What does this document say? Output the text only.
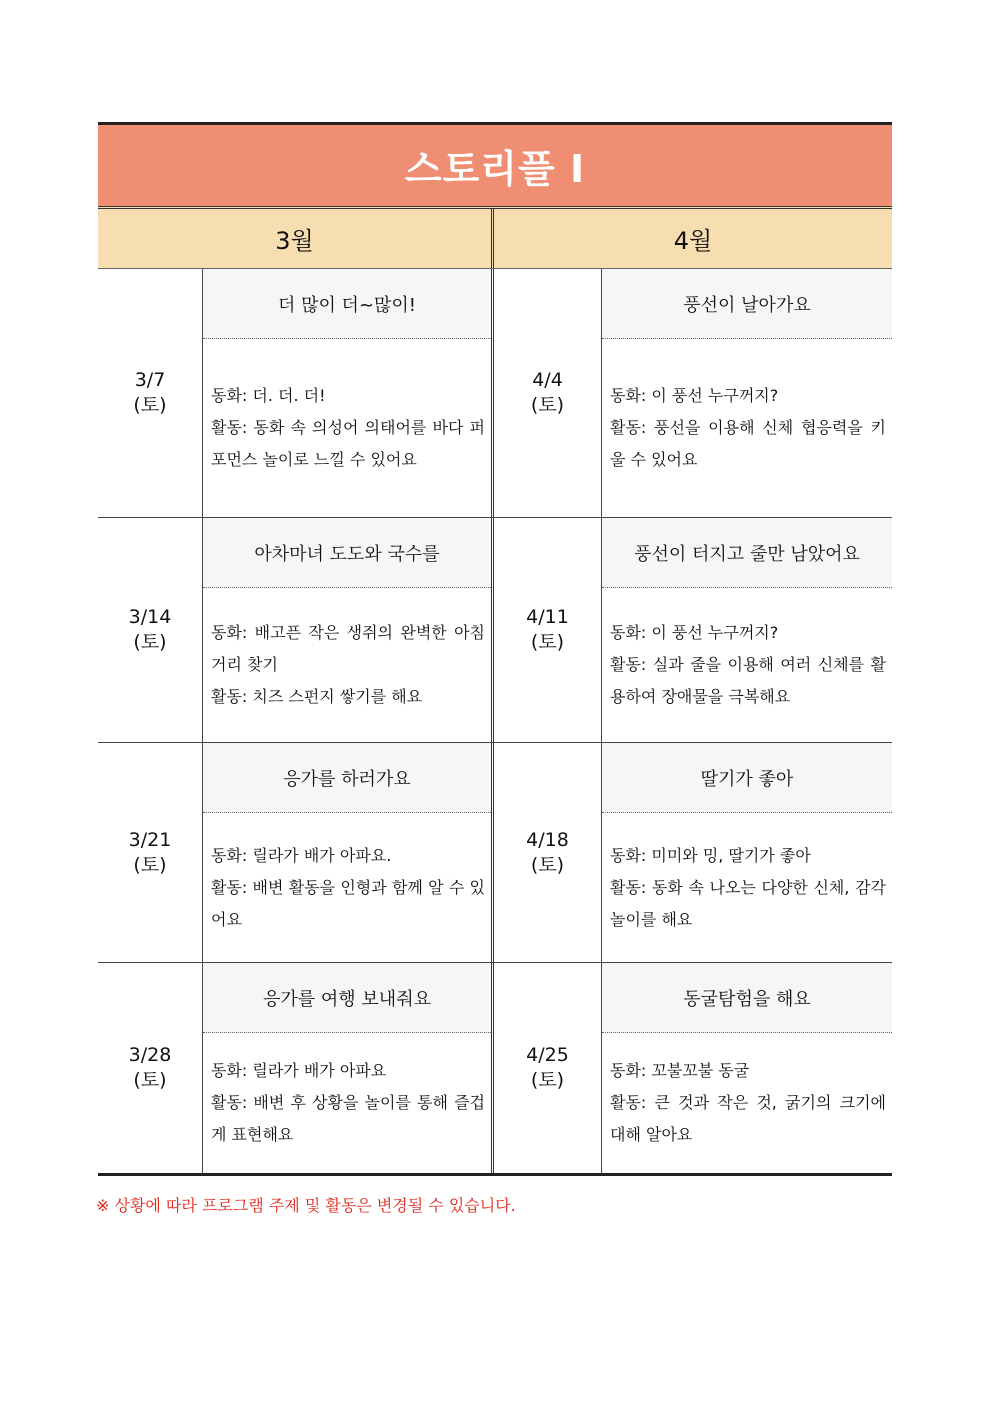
스토리플 Ⅰ
3월	4월
3/7
(토)
더 많이 더~많이!
동화: 더. 더. 더!
활동: 동화 속 의성어 의태어를 바다 퍼포먼스 놀이로 느낄 수 있어요
4/4
(토)
풍선이 날아가요
동화: 이 풍선 누구꺼지?
활동: 풍선을 이용해 신체 협응력을 키울 수 있어요
3/14
(토)
아차마녀 도도와 국수를
동화: 배고픈 작은 생쥐의 완벽한 아침거리 찾기
활동: 치즈 스펀지 쌓기를 해요
4/11
(토)
풍선이 터지고 줄만 남았어요
동화: 이 풍선 누구꺼지?
활동: 실과 줄을 이용해 여러 신체를 활용하여 장애물을 극복해요
3/21
(토)
응가를 하러가요
동화: 릴라가 배가 아파요.
활동: 배변 활동을 인형과 함께 알 수 있어요
4/18
(토)
딸기가 좋아
동화: 미미와 밍, 딸기가 좋아
활동: 동화 속 나오는 다양한 신체, 감각놀이를 해요
3/28
(토)
응가를 여행 보내줘요
동화: 릴라가 배가 아파요
활동: 배변 후 상황을 놀이를 통해 즐겁게 표현해요
4/25
(토)
동굴탐험을 해요
동화: 꼬불꼬불 동굴
활동: 큰 것과 작은 것, 굵기의 크기에 대해 알아요
※ 상황에 따라 프로그램 주제 및 활동은 변경될 수 있습니다.
